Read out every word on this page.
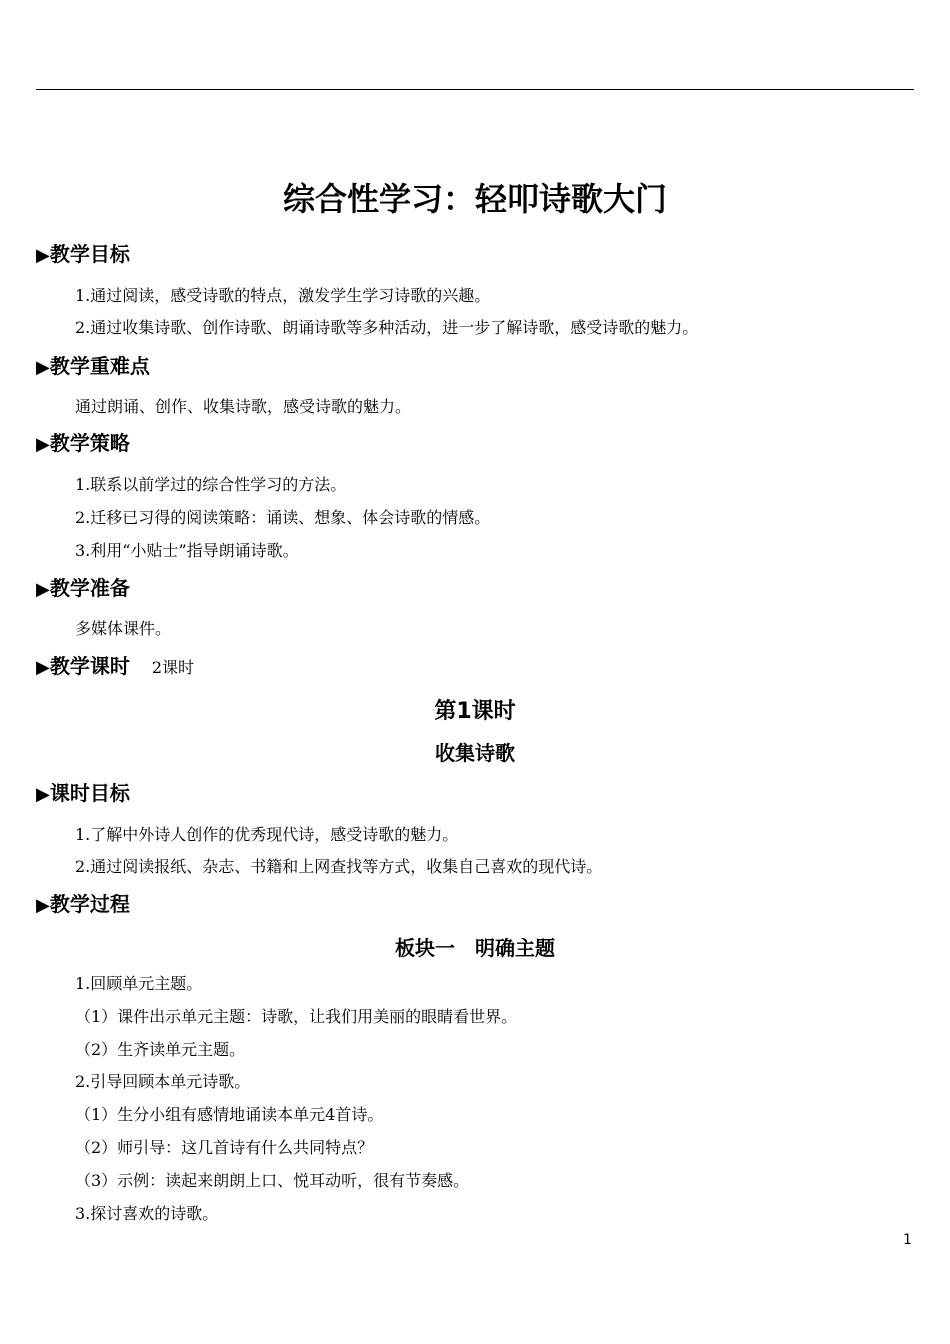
综合性学习：轻叩诗歌大门
▶教学目标
1.通过阅读，感受诗歌的特点，激发学生学习诗歌的兴趣。
2.通过收集诗歌、创作诗歌、朗诵诗歌等多种活动，进一步了解诗歌，感受诗歌的魅力。
▶教学重难点
通过朗诵、创作、收集诗歌，感受诗歌的魅力。
▶教学策略
1.联系以前学过的综合性学习的方法。
2.迁移已习得的阅读策略：诵读、想象、体会诗歌的情感。
3.利用“小贴士”指导朗诵诗歌。
▶教学准备
多媒体课件。
▶教学课时 2课时
第1课时
收集诗歌
▶课时目标
1.了解中外诗人创作的优秀现代诗，感受诗歌的魅力。
2.通过阅读报纸、杂志、书籍和上网查找等方式，收集自己喜欢的现代诗。
▶教学过程
板块一　明确主题
1.回顾单元主题。
（1）课件出示单元主题：诗歌，让我们用美丽的眼睛看世界。
（2）生齐读单元主题。
2.引导回顾本单元诗歌。
（1）生分小组有感情地诵读本单元4首诗。
（2）师引导：这几首诗有什么共同特点？
（3）示例：读起来朗朗上口、悦耳动听，很有节奏感。
3.探讨喜欢的诗歌。
1
